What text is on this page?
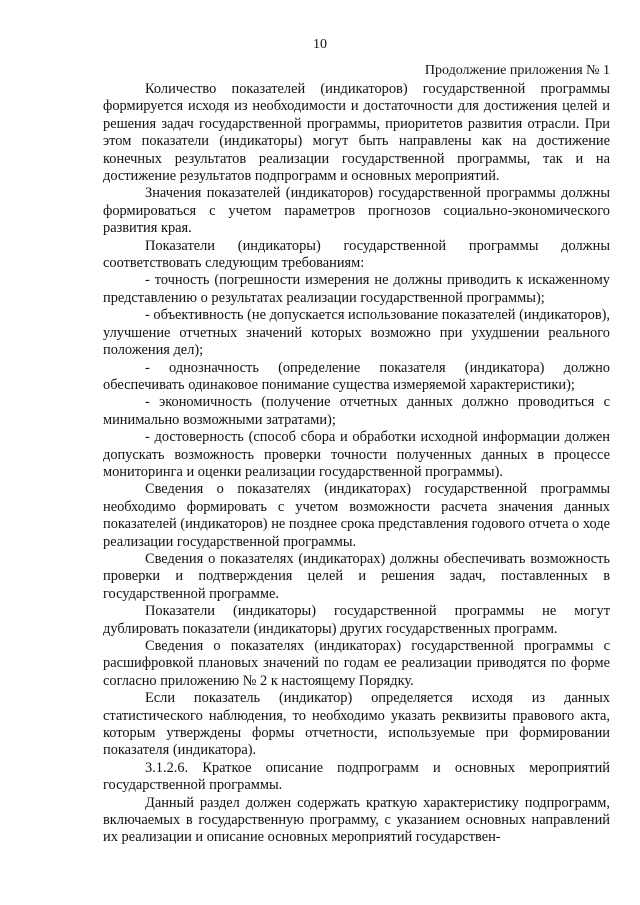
10
Продолжение приложения № 1

Количество показателей (индикаторов) государственной программы формируется исходя из необходимости и достаточности для достижения целей и решения задач государственной программы, приоритетов развития отрасли. При этом показатели (индикаторы) могут быть направлены как на достижение конечных результатов реализации государственной программы, так и на достижение результатов подпрограмм и основных мероприятий.

Значения показателей (индикаторов) государственной программы должны формироваться с учетом параметров прогнозов социально-экономического развития края.

Показатели (индикаторы) государственной программы должны соответствовать следующим требованиям:

- точность (погрешности измерения не должны приводить к искаженному представлению о результатах реализации государственной программы);

- объективность (не допускается использование показателей (индикаторов), улучшение отчетных значений которых возможно при ухудшении реального положения дел);

- однозначность (определение показателя (индикатора) должно обеспечивать одинаковое понимание существа измеряемой характеристики);

- экономичность (получение отчетных данных должно проводиться с минимально возможными затратами);

- достоверность (способ сбора и обработки исходной информации должен допускать возможность проверки точности полученных данных в процессе мониторинга и оценки реализации государственной программы).

Сведения о показателях (индикаторах) государственной программы необходимо формировать с учетом возможности расчета значения данных показателей (индикаторов) не позднее срока представления годового отчета о ходе реализации государственной программы.

Сведения о показателях (индикаторах) должны обеспечивать возможность проверки и подтверждения целей и решения задач, поставленных в государственной программе.

Показатели (индикаторы) государственной программы не могут дублировать показатели (индикаторы) других государственных программ.

Сведения о показателях (индикаторах) государственной программы с расшифровкой плановых значений по годам ее реализации приводятся по форме согласно приложению № 2 к настоящему Порядку.

Если показатель (индикатор) определяется исходя из данных статистического наблюдения, то необходимо указать реквизиты правового акта, которым утверждены формы отчетности, используемые при формировании показателя (индикатора).

3.1.2.6. Краткое описание подпрограмм и основных мероприятий государственной программы.

Данный раздел должен содержать краткую характеристику подпрограмм, включаемых в государственную программу, с указанием основных направлений их реализации и описание основных мероприятий государствен-
